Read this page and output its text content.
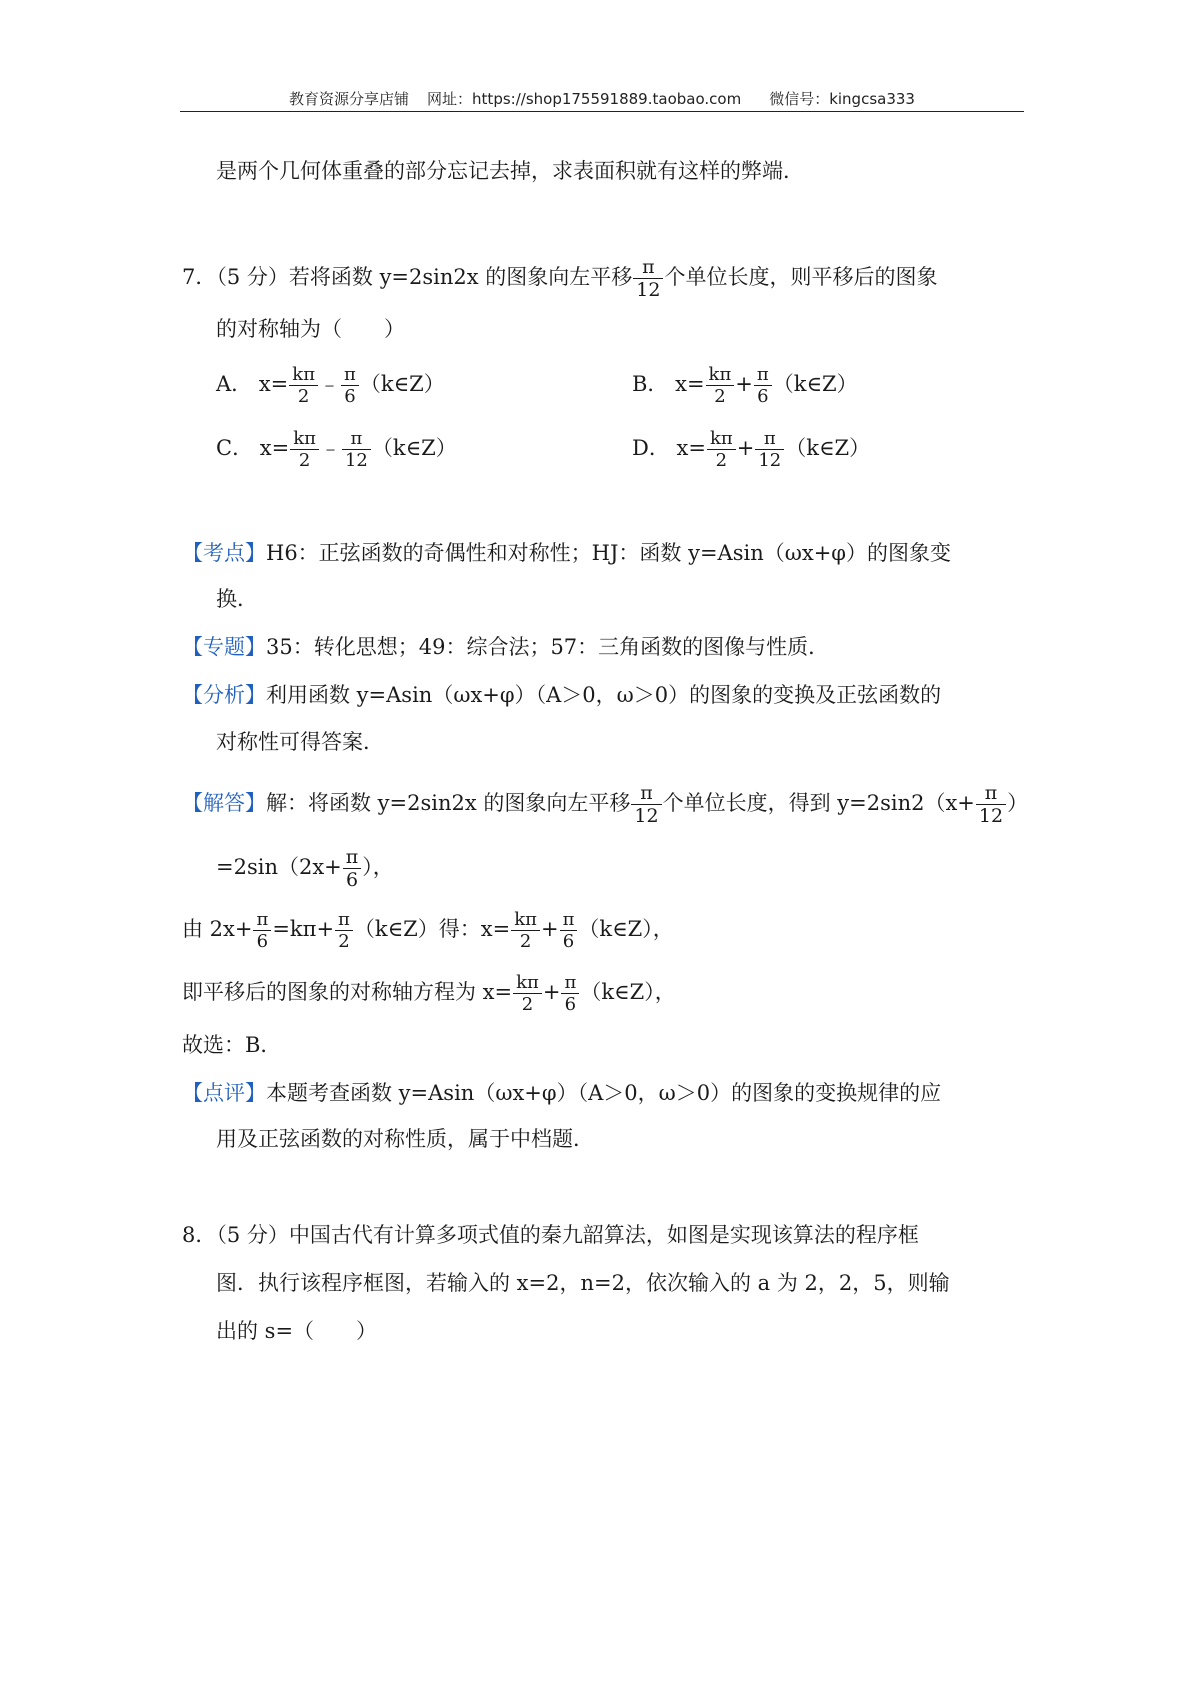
教育资源分享店铺 网址：https://shop175591889.taobao.com 微信号：kingcsa333
是两个几何体重叠的部分忘记去掉，求表面积就有这样的弊端．
7．（5 分）若将函数 y=2sin2x 的图象向左平移 $\frac{\pi}{12}$ 个单位长度，则平移后的图象
的对称轴为（　　）
A． $x= \frac{k\pi}{2}$ ﹣ $\frac{\pi}{6}$ （k∈Z）	B． $x= \frac{k\pi}{2} + \frac{\pi}{6}$ （k∈Z）
C． $x= \frac{k\pi}{2}$ ﹣ $\frac{\pi}{12}$ （k∈Z）	D． $x= \frac{k\pi}{2} + \frac{\pi}{12}$ （k∈Z）
【考点】H6：正弦函数的奇偶性和对称性；HJ：函数 y=Asin（ωx+φ）的图象变
换．
【专题】35：转化思想；49：综合法；57：三角函数的图像与性质．
【分析】利用函数 y=Asin（ωx+φ）（A＞0，ω＞0）的图象的变换及正弦函数的
对称性可得答案．
【解答】解：将函数 y=2sin2x 的图象向左平移 $\frac{\pi}{12}$ 个单位长度，得到 $y=2\sin 2(x+ \frac{\pi}{12}$ ）
$=2\sin(2x+ \frac{\pi}{6}$ ），
由 $2x+ \frac{\pi}{6} =k\pi+ \frac{\pi}{2}$ （k∈Z）得：$x= \frac{k\pi}{2} + \frac{\pi}{6}$ （k∈Z），
即平移后的图象的对称轴方程为 $x= \frac{k\pi}{2} + \frac{\pi}{6}$ （k∈Z），
故选：B．
【点评】本题考查函数 y=Asin（ωx+φ）（A＞0，ω＞0）的图象的变换规律的应
用及正弦函数的对称性质，属于中档题．
8．（5 分）中国古代有计算多项式值的秦九韶算法，如图是实现该算法的程序框
图．执行该程序框图，若输入的 x=2，n=2，依次输入的 a 为 2，2，5，则输
出的 s=（　　）
